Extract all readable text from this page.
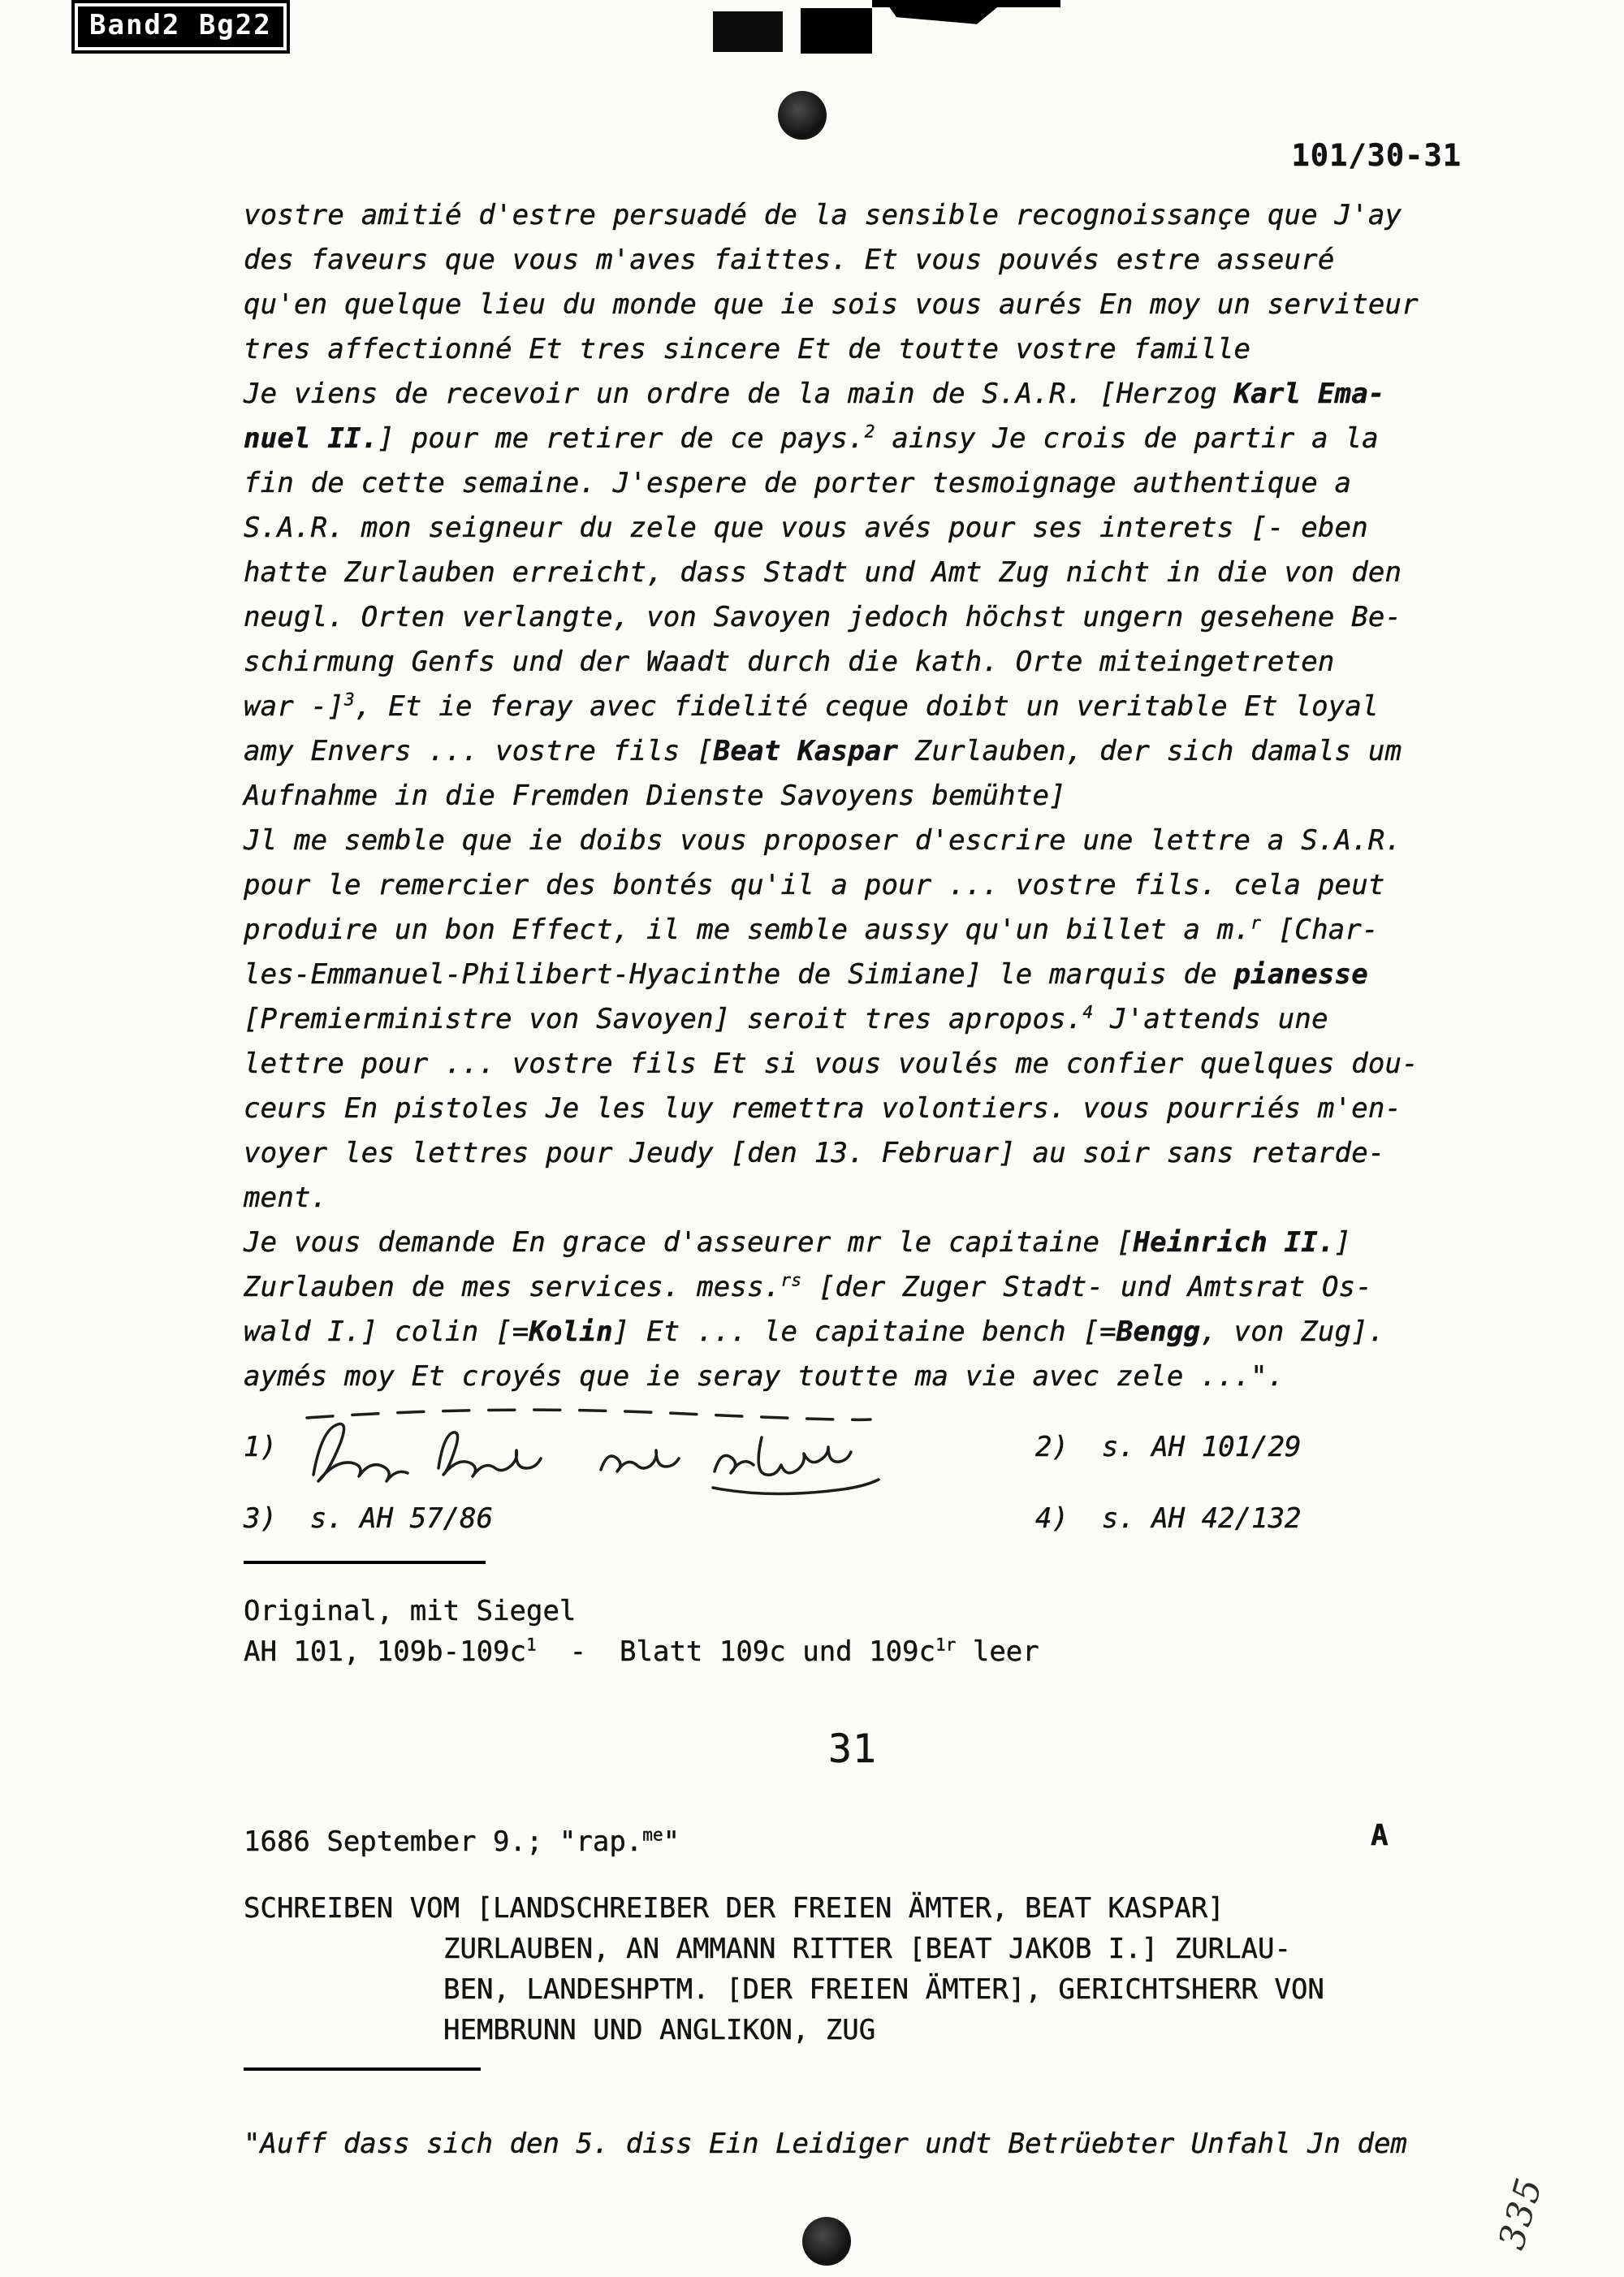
Band2 Bg22
101/30-31
vostre amitié d'estre persuadé de la sensible recognoissançe que J'ay
des faveurs que vous m'aves faittes. Et vous pouvés estre asseuré
qu'en quelque lieu du monde que ie sois vous aurés En moy un serviteur
tres affectionné Et tres sincere Et de toutte vostre famille
Je viens de recevoir un ordre de la main de S.A.R. [Herzog Karl Ema-
nuel II.] pour me retirer de ce pays.$^2$ ainsy Je crois de partir a la
fin de cette semaine. J'espere de porter tesmoignage authentique a
S.A.R. mon seigneur du zele que vous avés pour ses interets [- eben
hatte Zurlauben erreicht, dass Stadt und Amt Zug nicht in die von den
neugl. Orten verlangte, von Savoyen jedoch höchst ungern gesehene Be-
schirmung Genfs und der Waadt durch die kath. Orte miteingetreten
war -]$^3$, Et ie feray avec fidelité ceque doibt un veritable Et loyal
amy Envers ... vostre fils [Beat Kaspar Zurlauben, der sich damals um
Aufnahme in die Fremden Dienste Savoyens bemühte]
Jl me semble que ie doibs vous proposer d'escrire une lettre a S.A.R.
pour le remercier des bontés qu'il a pour ... vostre fils. cela peut
produire un bon Effect, il me semble aussy qu'un billet a m.$^r$ [Char-
les-Emmanuel-Philibert-Hyacinthe de Simiane] le marquis de pianesse
[Premierministre von Savoyen] seroit tres apropos.$^4$ J'attends une
lettre pour ... vostre fils Et si vous voulés me confier quelques dou-
ceurs En pistoles Je les luy remettra volontiers. vous pourriés m'en-
voyer les lettres pour Jeudy [den 13. Februar] au soir sans retarde-
ment.
Je vous demande En grace d'asseurer mr le capitaine [Heinrich II.]
Zurlauben de mes services. mess.$^{rs}$ [der Zuger Stadt- und Amtsrat Os-
wald I.] colin [=Kolin] Et ... le capitaine bench [=Bengg, von Zug].
aymés moy Et croyés que ie seray toutte ma vie avec zele ...".
1)	2)  s. AH 101/29
3)  s. AH 57/86	4)  s. AH 42/132
Original, mit Siegel
AH 101, $109b-109c^1$  -  Blatt 109c und $109c^{1r}$ leer
31
1686 September 9.; "rap.$^{me}$"	A
SCHREIBEN VOM [LANDSCHREIBER DER FREIEN ÄMTER, BEAT KASPAR]
ZURLAUBEN, AN AMMANN RITTER [BEAT JAKOB I.] ZURLAU-
BEN, LANDESHPTM. [DER FREIEN ÄMTER], GERICHTSHERR VON
HEMBRUNN UND ANGLIKON, ZUG
"Auff dass sich den 5. diss Ein Leidiger undt Betrüebter Unfahl Jn dem
335
